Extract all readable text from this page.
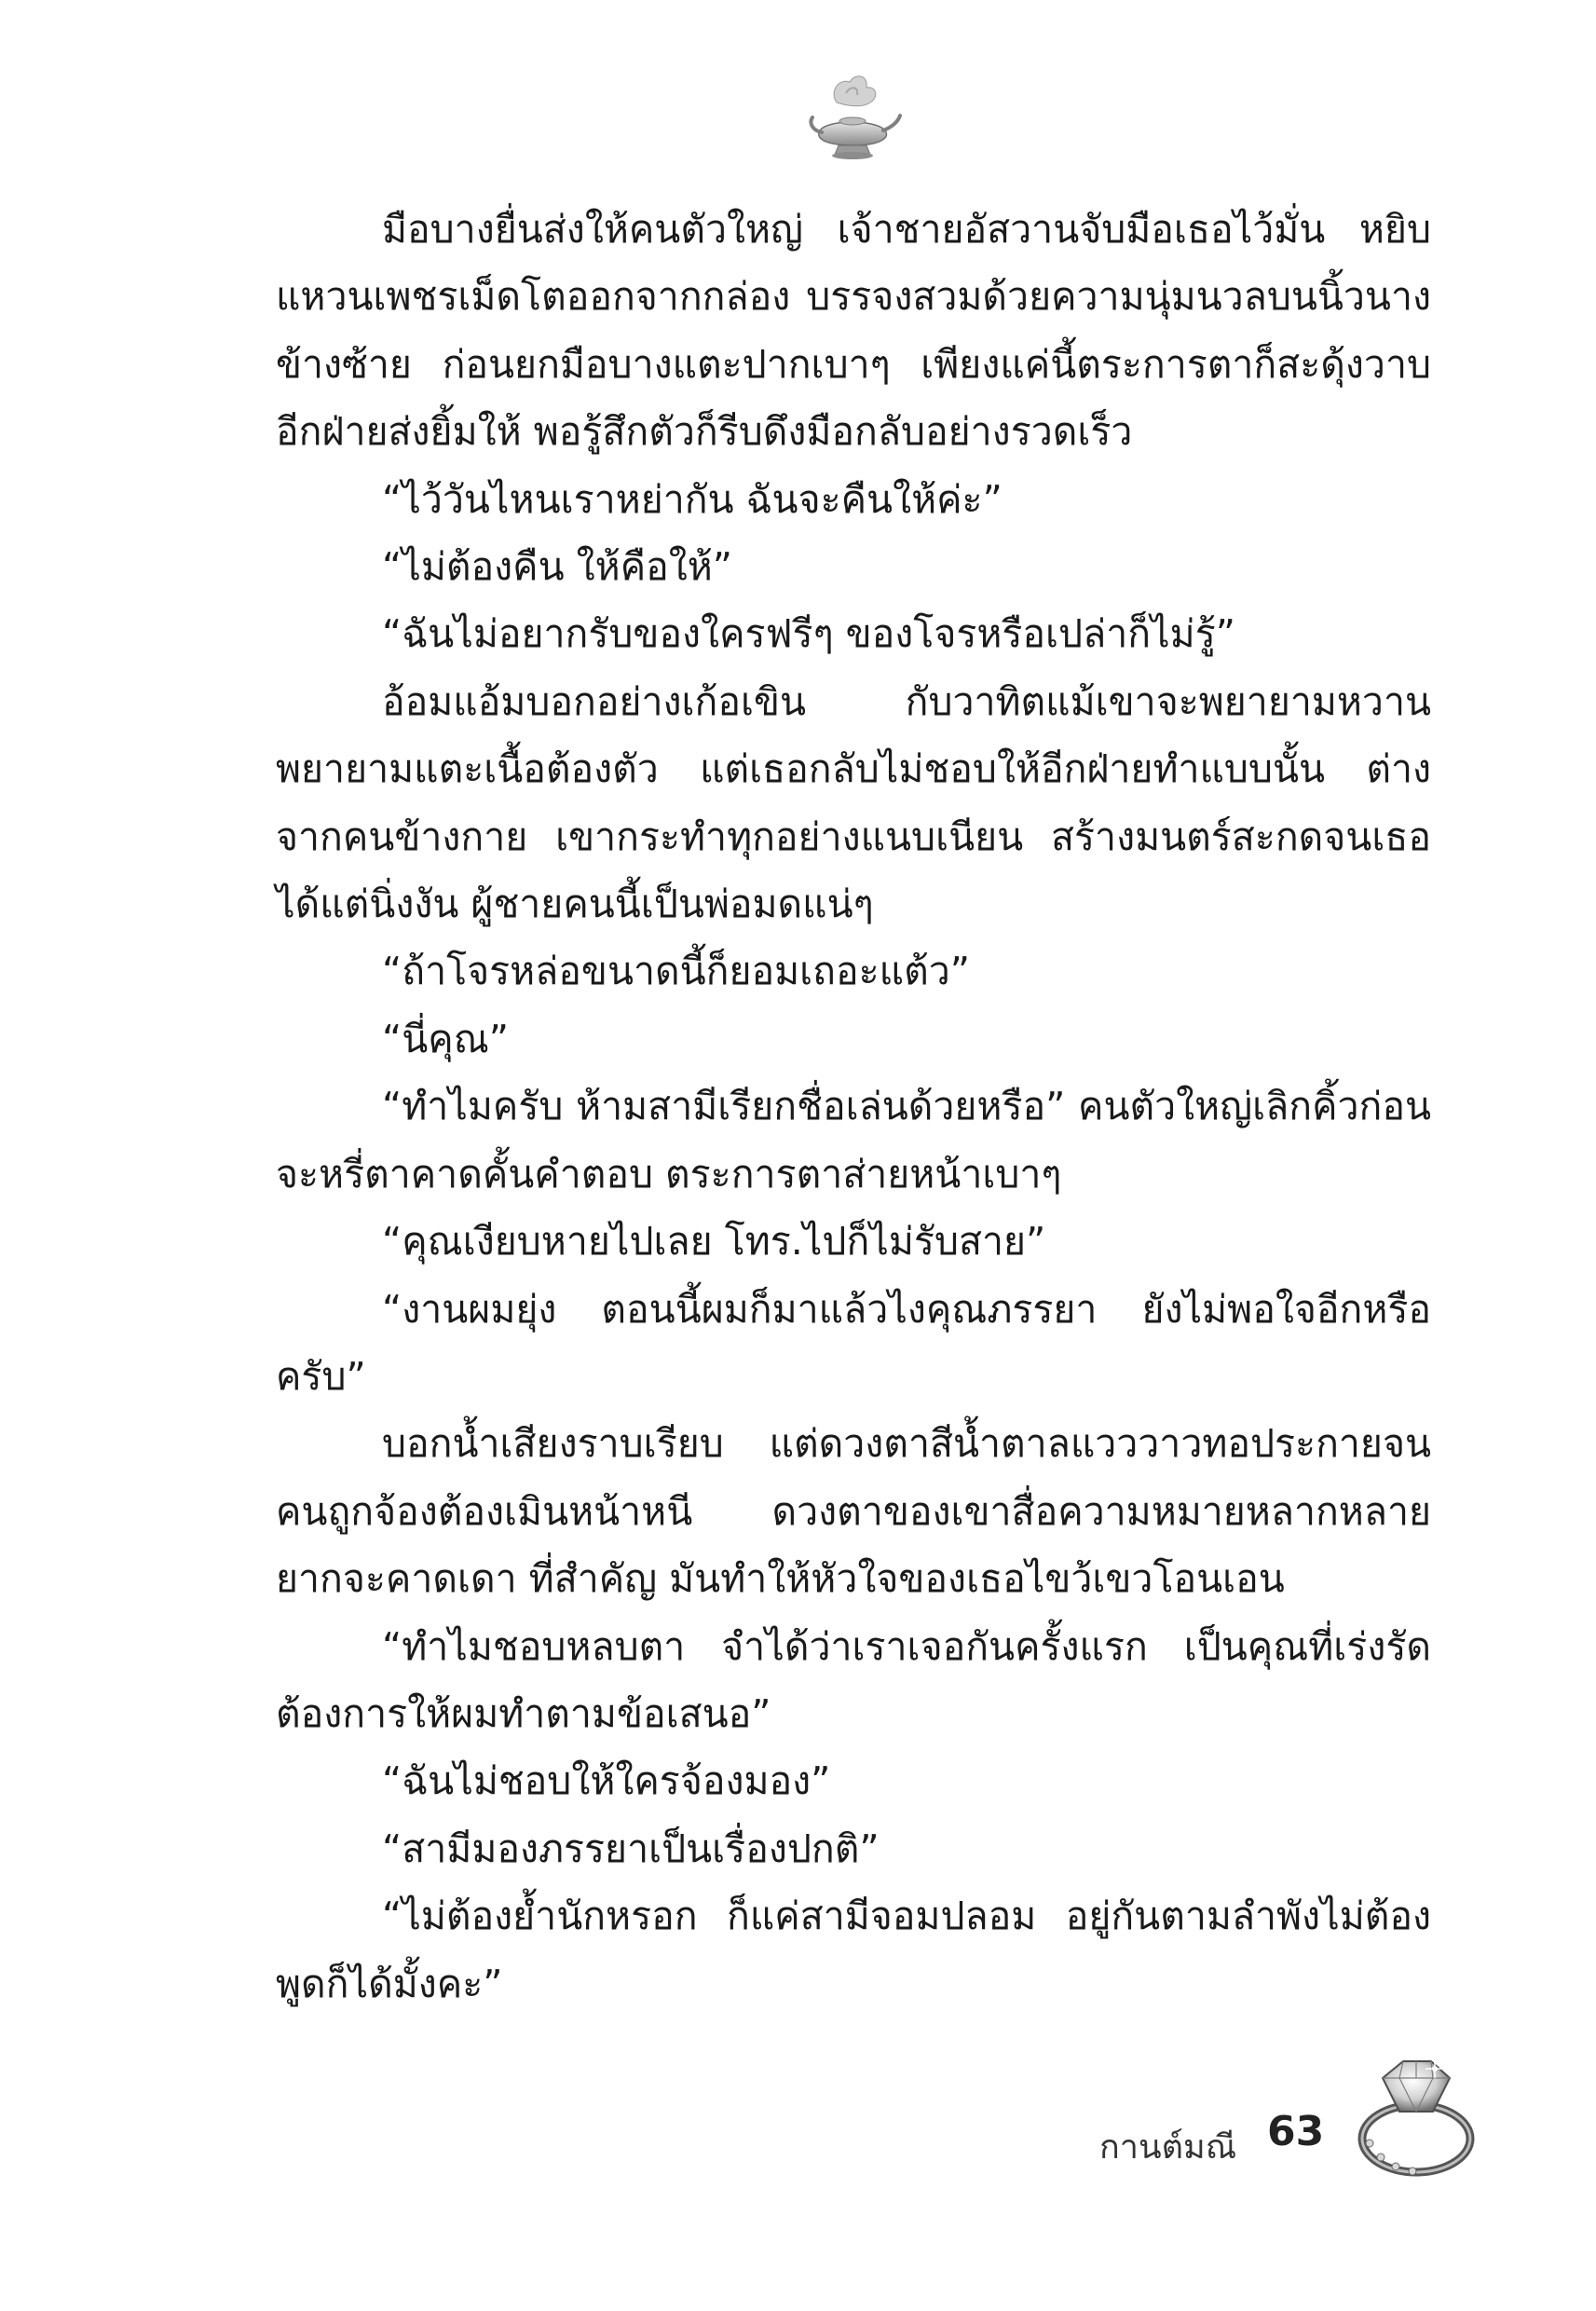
มือบางยื่นส่งให้คนตัวใหญ่ เจ้าชายอัสวานจับมือเธอไว้มั่น หยิบแหวนเพชรเม็ดโตออกจากกล่อง บรรจงสวมด้วยความนุ่มนวลบนนิ้วนางข้างซ้าย ก่อนยกมือบางแตะปากเบาๆ เพียงแค่นี้ตระการตาก็สะดุ้งวาบ อีกฝ่ายส่งยิ้มให้ พอรู้สึกตัวก็รีบดึงมือกลับอย่างรวดเร็ว

“ไว้วันไหนเราหย่ากัน ฉันจะคืนให้ค่ะ”

“ไม่ต้องคืน ให้คือให้”

“ฉันไม่อยากรับของใครฟรีๆ ของโจรหรือเปล่าก็ไม่รู้”

อ้อมแอ้มบอกอย่างเก้อเขิน กับวาทิตแม้เขาจะพยายามหวาน พยายามแตะเนื้อต้องตัว แต่เธอกลับไม่ชอบให้อีกฝ่ายทำแบบนั้น ต่างจากคนข้างกาย เขากระทำทุกอย่างแนบเนียน สร้างมนตร์สะกดจนเธอได้แต่นิ่งงัน ผู้ชายคนนี้เป็นพ่อมดแน่ๆ

“ถ้าโจรหล่อขนาดนี้ก็ยอมเถอะแต้ว”

“นี่คุณ”

“ทำไมครับ ห้ามสามีเรียกชื่อเล่นด้วยหรือ” คนตัวใหญ่เลิกคิ้วก่อนจะหรี่ตาคาดคั้นคำตอบ ตระการตาส่ายหน้าเบาๆ

“คุณเงียบหายไปเลย โทร.ไปก็ไม่รับสาย”

“งานผมยุ่ง ตอนนี้ผมก็มาแล้วไงคุณภรรยา ยังไม่พอใจอีกหรือครับ”

บอกน้ำเสียงราบเรียบ แต่ดวงตาสีน้ำตาลแวววาวทอประกายจนคนถูกจ้องต้องเมินหน้าหนี ดวงตาของเขาสื่อความหมายหลากหลาย ยากจะคาดเดา ที่สำคัญ มันทำให้หัวใจของเธอไขว้เขวโอนเอน

“ทำไมชอบหลบตา จำได้ว่าเราเจอกันครั้งแรก เป็นคุณที่เร่งรัดต้องการให้ผมทำตามข้อเสนอ”

“ฉันไม่ชอบให้ใครจ้องมอง”

“สามีมองภรรยาเป็นเรื่องปกติ”

“ไม่ต้องย้ำนักหรอก ก็แค่สามีจอมปลอม อยู่กันตามลำพังไม่ต้องพูดก็ได้มั้งคะ”

กานต์มณี 63
